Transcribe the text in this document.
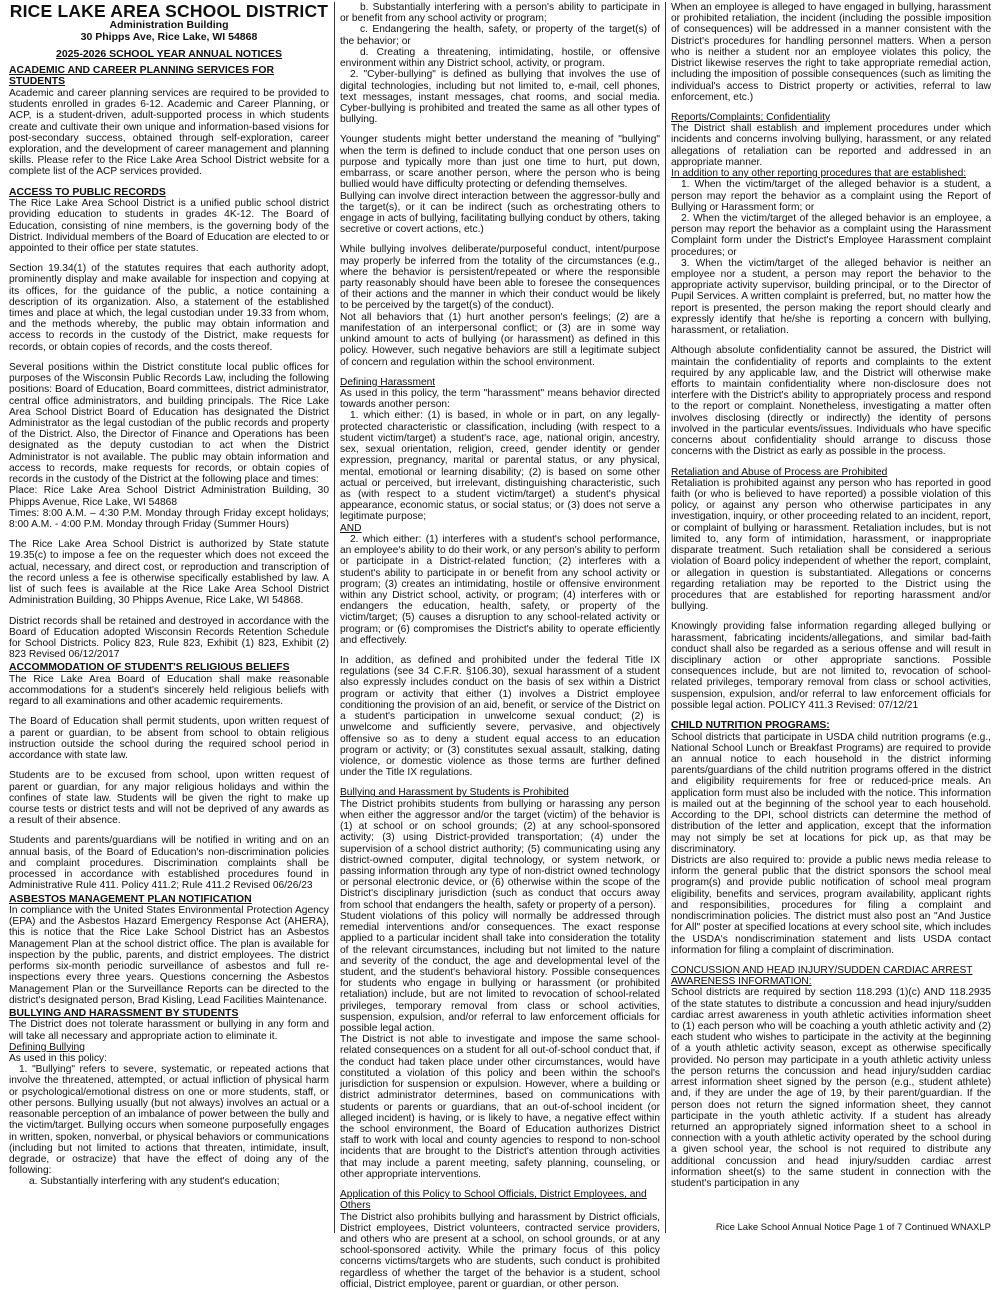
RICE LAKE AREA SCHOOL DISTRICT
Administration Building
30 Phipps Ave, Rice Lake, WI 54868
2025-2026 SCHOOL YEAR ANNUAL NOTICES
ACADEMIC AND CAREER PLANNING SERVICES FOR STUDENTS

Academic and career planning services are required to be provided to students enrolled in grades 6-12. Academic and Career Planning, or ACP, is a student-driven, adult-supported process in which students create and cultivate their own unique and information-based visions for post-secondary success, obtained through self-exploration, career exploration, and the development of career management and planning skills. Please refer to the Rice Lake Area School District website for a complete list of the ACP services provided.

ACCESS TO PUBLIC RECORDS

The Rice Lake Area School District is a unified public school district providing education to students in grades 4K-12. The Board of Education, consisting of nine members, is the governing body of the District. Individual members of the Board of Education are elected to or appointed to their office per state statutes.

Section 19.34(1) of the statutes requires that each authority adopt, prominently display and make available for inspection and copying at its offices, for the guidance of the public, a notice containing a description of its organization. Also, a statement of the established times and place at which, the legal custodian under 19.33 from whom, and the methods whereby, the public may obtain information and access to records in the custody of the District, make requests for records, or obtain copies of records, and the costs thereof.

Several positions within the District constitute local public offices for purposes of the Wisconsin Public Records Law, including the following positions: Board of Education, Board committees, district administrator, central office administrators, and building principals. The Rice Lake Area School District Board of Education has designated the District Administrator as the legal custodian of the public records and property of the District. Also, the Director of Finance and Operations has been designated as the deputy custodian to act when the District Administrator is not available. The public may obtain information and access to records, make requests for records, or obtain copies of records in the custody of the District at the following place and times:

Place: Rice Lake Area School District Administration Building, 30 Phipps Avenue, Rice Lake, WI 54868

Times: 8:00 A.M. – 4:30 P.M. Monday through Friday except holidays; 8:00 A.M. - 4:00 P.M. Monday through Friday (Summer Hours)

The Rice Lake Area School District is authorized by State statute 19.35(c) to impose a fee on the requester which does not exceed the actual, necessary, and direct cost, or reproduction and transcription of the record unless a fee is otherwise specifically established by law. A list of such fees is available at the Rice Lake Area School District Administration Building, 30 Phipps Avenue, Rice Lake, WI 54868.

District records shall be retained and destroyed in accordance with the Board of Education adopted Wisconsin Records Retention Schedule for School Districts. Policy 823, Rule 823, Exhibit (1) 823, Exhibit (2) 823 Revised 06/12/2017

ACCOMMODATION OF STUDENT'S RELIGIOUS BELIEFS

The Rice Lake Area Board of Education shall make reasonable accommodations for a student's sincerely held religious beliefs with regard to all examinations and other academic requirements.

The Board of Education shall permit students, upon written request of a parent or guardian, to be absent from school to obtain religious instruction outside the school during the required school period in accordance with state law.

Students are to be excused from school, upon written request of parent or guardian, for any major religious holidays and within the confines of state law. Students will be given the right to make up course tests or district tests and will not be deprived of any awards as a result of their absence.

Students and parents/guardians will be notified in writing and on an annual basis, of the Board of Education's non-discrimination policies and complaint procedures. Discrimination complaints shall be processed in accordance with established procedures found in Administrative Rule 411. Policy 411.2; Rule 411.2 Revised 06/26/23

ASBESTOS MANAGEMENT PLAN NOTIFICATION

In compliance with the United States Environmental Protection Agency (EPA) and the Asbestos Hazard Emergency Response Act (AHERA), this is notice that the Rice Lake School District has an Asbestos Management Plan at the school district office. The plan is available for inspection by the public, parents, and district employees. The district performs six-month periodic surveillance of asbestos and full re-inspections every three years. Questions concerning the Asbestos Management Plan or the Surveillance Reports can be directed to the district's designated person, Brad Kisling, Lead Facilities Maintenance.

BULLYING AND HARASSMENT BY STUDENTS

The District does not tolerate harassment or bullying in any form and will take all necessary and appropriate action to eliminate it.

Defining Bullying

As used in this policy:

1. "Bullying" refers to severe, systematic, or repeated actions that involve the threatened, attempted, or actual infliction of physical harm or psychological/emotional distress on one or more students, staff, or other persons. Bullying usually (but not always) involves an actual or a reasonable perception of an imbalance of power between the bully and the victim/target. Bullying occurs when someone purposefully engages in written, spoken, nonverbal, or physical behaviors or communications (including but not limited to actions that threaten, intimidate, insult, degrade, or ostracize) that have the effect of doing any of the following:

a. Substantially interfering with any student's education;

b. Substantially interfering with a person's ability to participate in or benefit from any school activity or program;

c. Endangering the health, safety, or property of the target(s) of the behavior; or

d. Creating a threatening, intimidating, hostile, or offensive environment within any District school, activity, or program.

2. "Cyber-bullying" is defined as bullying that involves the use of digital technologies, including but not limited to, e-mail, cell phones, text messages, instant messages, chat rooms, and social media. Cyber-bullying is prohibited and treated the same as all other types of bullying.

Younger students might better understand the meaning of "bullying" when the term is defined to include conduct that one person uses on purpose and typically more than just one time to hurt, put down, embarrass, or scare another person, where the person who is being bullied would have difficulty protecting or defending themselves.

Bullying can involve direct interaction between the aggressor-bully and the target(s), or it can be indirect (such as orchestrating others to engage in acts of bullying, facilitating bullying conduct by others, taking secretive or covert actions, etc.)

While bullying involves deliberate/purposeful conduct, intent/purpose may properly be inferred from the totality of the circumstances (e.g., where the behavior is persistent/repeated or where the responsible party reasonably should have been able to foresee the consequences of their actions and the manner in which their conduct would be likely to be perceived by the target(s) of the conduct).

Not all behaviors that (1) hurt another person's feelings; (2) are a manifestation of an interpersonal conflict; or (3) are in some way unkind amount to acts of bullying (or harassment) as defined in this policy. However, such negative behaviors are still a legitimate subject of concern and regulation within the school environment.

Defining Harassment

As used in this policy, the term "harassment" means behavior directed towards another person:

1. which either: (1) is based, in whole or in part, on any legally-protected characteristic or classification, including (with respect to a student victim/target) a student's race, age, national origin, ancestry, sex, sexual orientation, religion, creed, gender identity or gender expression, pregnancy, marital or parental status, or any physical, mental, emotional or learning disability; (2) is based on some other actual or perceived, but irrelevant, distinguishing characteristic, such as (with respect to a student victim/target) a student's physical appearance, economic status, or social status; or (3) does not serve a legitimate purpose;

AND

2. which either: (1) interferes with a student's school performance, an employee's ability to do their work, or any person's ability to perform or participate in a District-related function; (2) interferes with a student's ability to participate in or benefit from any school activity or program; (3) creates an intimidating, hostile or offensive environment within any District school, activity, or program; (4) interferes with or endangers the education, health, safety, or property of the victim/target; (5) causes a disruption to any school-related activity or program; or (6) compromises the District's ability to operate efficiently and effectively.

In addition, as defined and prohibited under the federal Title IX regulations (see 34 C.F.R. §106.30), sexual harassment of a student also expressly includes conduct on the basis of sex within a District program or activity that either (1) involves a District employee conditioning the provision of an aid, benefit, or service of the District on a student's participation in unwelcome sexual conduct; (2) is unwelcome and sufficiently severe, pervasive, and objectively offensive so as to deny a student equal access to an education program or activity; or (3) constitutes sexual assault, stalking, dating violence, or domestic violence as those terms are further defined under the Title IX regulations.

Bullying and Harassment by Students is Prohibited

The District prohibits students from bullying or harassing any person when either the aggressor and/or the target (victim) of the behavior is (1) at school or on school grounds; (2) at any school-sponsored activity; (3) using District-provided transportation; (4) under the supervision of a school district authority; (5) communicating using any district-owned computer, digital technology, or system network, or passing information through any type of non-district owned technology or personal electronic device, or (6) otherwise within the scope of the District's disciplinary jurisdiction (such as conduct that occurs away from school that endangers the health, safety or property of a person).

Student violations of this policy will normally be addressed through remedial interventions and/or consequences. The exact response applied to a particular incident shall take into consideration the totality of the relevant circumstances, including but not limited to the nature and severity of the conduct, the age and developmental level of the student, and the student's behavioral history. Possible consequences for students who engage in bullying or harassment (or prohibited retaliation) include, but are not limited to revocation of school-related privileges, temporary removal from class or school activities, suspension, expulsion, and/or referral to law enforcement officials for possible legal action.

The District is not able to investigate and impose the same school-related consequences on a student for all out-of-school conduct that, if the conduct had taken place under other circumstances, would have constituted a violation of this policy and been within the school's jurisdiction for suspension or expulsion. However, where a building or district administrator determines, based on communications with students or parents or guardians, that an out-of-school incident (or alleged incident) is having, or is likely to have, a negative effect within the school environment, the Board of Education authorizes District staff to work with local and county agencies to respond to non-school incidents that are brought to the District's attention through activities that may include a parent meeting, safety planning, counseling, or other appropriate interventions.

Application of this Policy to School Officials, District Employees, and Others

The District also prohibits bullying and harassment by District officials, District employees, District volunteers, contracted service providers, and others who are present at a school, on school grounds, or at any school-sponsored activity. While the primary focus of this policy concerns victims/targets who are students, such conduct is prohibited regardless of whether the target of the behavior is a student, school official, District employee, parent or guardian, or other person.

When an employee is alleged to have engaged in bullying, harassment or prohibited retaliation, the incident (including the possible imposition of consequences) will be addressed in a manner consistent with the District's procedures for handling personnel matters. When a person who is neither a student nor an employee violates this policy, the District likewise reserves the right to take appropriate remedial action, including the imposition of possible consequences (such as limiting the individual's access to District property or activities, referral to law enforcement, etc.)

Reports/Complaints; Confidentiality

The District shall establish and implement procedures under which incidents and concerns involving bullying, harassment, or any related allegations of retaliation can be reported and addressed in an appropriate manner.

In addition to any other reporting procedures that are established:

1. When the victim/target of the alleged behavior is a student, a person may report the behavior as a complaint using the Report of Bullying or Harassment form; or

2. When the victim/target of the alleged behavior is an employee, a person may report the behavior as a complaint using the Harassment Complaint form under the District's Employee Harassment complaint procedures; or

3. When the victim/target of the alleged behavior is neither an employee nor a student, a person may report the behavior to the appropriate activity supervisor, building principal, or to the Director of Pupil Services. A written complaint is preferred, but, no matter how the report is presented, the person making the report should clearly and expressly identify that he/she is reporting a concern with bullying, harassment, or retaliation.

Although absolute confidentiality cannot be assured, the District will maintain the confidentiality of reports and complaints to the extent required by any applicable law, and the District will otherwise make efforts to maintain confidentiality where non-disclosure does not interfere with the District's ability to appropriately process and respond to the report or complaint. Nonetheless, investigating a matter often involves disclosing (directly or indirectly) the identity of persons involved in the particular events/issues. Individuals who have specific concerns about confidentiality should arrange to discuss those concerns with the District as early as possible in the process.

Retaliation and Abuse of Process are Prohibited

Retaliation is prohibited against any person who has reported in good faith (or who is believed to have reported) a possible violation of this policy, or against any person who otherwise participates in any investigation, inquiry, or other proceeding related to an incident, report, or complaint of bullying or harassment. Retaliation includes, but is not limited to, any form of intimidation, harassment, or inappropriate disparate treatment. Such retaliation shall be considered a serious violation of Board policy independent of whether the report, complaint, or allegation in question is substantiated. Allegations or concerns regarding retaliation may be reported to the District using the procedures that are established for reporting harassment and/or bullying.

Knowingly providing false information regarding alleged bullying or harassment, fabricating incidents/allegations, and similar bad-faith conduct shall also be regarded as a serious offense and will result in disciplinary action or other appropriate sanctions. Possible consequences include, but are not limited to, revocation of school-related privileges, temporary removal from class or school activities, suspension, expulsion, and/or referral to law enforcement officials for possible legal action. POLICY 411.3 Revised: 07/12/21

CHILD NUTRITION PROGRAMS:

School districts that participate in USDA child nutrition programs (e.g., National School Lunch or Breakfast Programs) are required to provide an annual notice to each household in the district informing parents/guardians of the child nutrition programs offered in the district and eligibility requirements for free or reduced-price meals. An application form must also be included with the notice. This information is mailed out at the beginning of the school year to each household. According to the DPI, school districts can determine the method of distribution of the letter and application, except that the information may not simply be set at locations for pick up, as that may be discriminatory.

Districts are also required to: provide a public news media release to inform the general public that the district sponsors the school meal program(s) and provide public notification of school meal program eligibility, benefits and services, program availability, applicant rights and responsibilities, procedures for filing a complaint and nondiscrimination policies. The district must also post an "And Justice for All" poster at specified locations at every school site, which includes the USDA's nondiscrimination statement and lists USDA contact information for filing a complaint of discrimination.

CONCUSSION AND HEAD INJURY/SUDDEN CARDIAC ARREST AWARENESS INFORMATION:

School districts are required by section 118.293 (1)(c) AND 118.2935 of the state statutes to distribute a concussion and head injury/sudden cardiac arrest awareness in youth athletic activities information sheet to (1) each person who will be coaching a youth athletic activity and (2) each student who wishes to participate in the activity at the beginning of a youth athletic activity season, except as otherwise specifically provided. No person may participate in a youth athletic activity unless the person returns the concussion and head injury/sudden cardiac arrest information sheet signed by the person (e.g., student athlete) and, if they are under the age of 19, by their parent/guardian. If the person does not return the signed information sheet, they cannot participate in the youth athletic activity. If a student has already returned an appropriately signed information sheet to a school in connection with a youth athletic activity operated by the school during a given school year, the school is not required to distribute any additional concussion and head injury/sudden cardiac arrest information sheet(s) to the same student in connection with the student's participation in any

Rice Lake School Annual Notice Page 1 of 7 Continued WNAXLP
